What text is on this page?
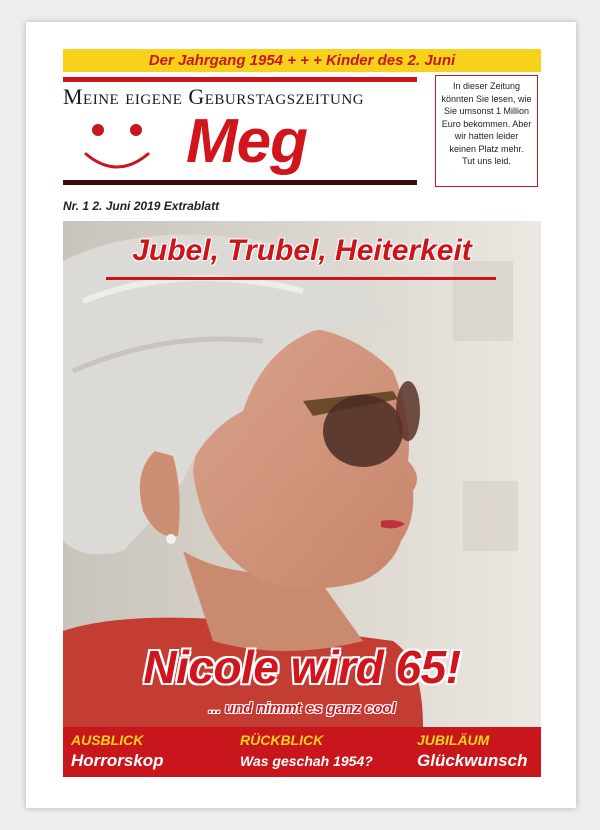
Der Jahrgang 1954 + + + Kinder des 2. Juni
Meine eigene Geburstagszeitung
Meg
In dieser Zeitung
könnten Sie lesen, wie
Sie umsonst 1 Million
Euro bekommen. Aber
wir hatten leider
keinen Platz mehr.
Tut uns leid.
Nr. 1 2. Juni 2019 Extrablatt
Jubel, Trubel, Heiterkeit
Nicole wird 65!
... und nimmt es ganz cool
AUSBLICK
Horrorskop
RÜCKBLICK
Was geschah 1954?
JUBILÄUM
Glückwunsch
